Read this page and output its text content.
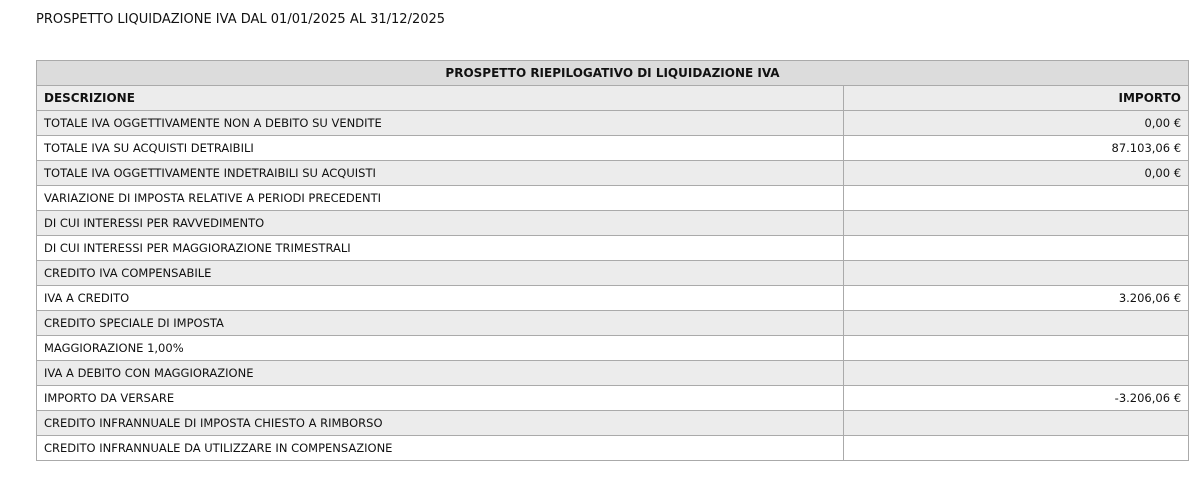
PROSPETTO LIQUIDAZIONE IVA DAL 01/01/2025 AL 31/12/2025
PROSPETTO RIEPILOGATIVO DI LIQUIDAZIONE IVA	
DESCRIZIONE	IMPORTO
TOTALE IVA OGGETTIVAMENTE NON A DEBITO SU VENDITE	0,00 €
TOTALE IVA SU ACQUISTI DETRAIBILI	87.103,06 €
TOTALE IVA OGGETTIVAMENTE INDETRAIBILI SU ACQUISTI	0,00 €
VARIAZIONE DI IMPOSTA RELATIVE A PERIODI PRECEDENTI	
DI CUI INTERESSI PER RAVVEDIMENTO	
DI CUI INTERESSI PER MAGGIORAZIONE TRIMESTRALI	
CREDITO IVA COMPENSABILE	
IVA A CREDITO	3.206,06 €
CREDITO SPECIALE DI IMPOSTA	
MAGGIORAZIONE 1,00%	
IVA A DEBITO CON MAGGIORAZIONE	
IMPORTO DA VERSARE	-3.206,06 €
CREDITO INFRANNUALE DI IMPOSTA CHIESTO A RIMBORSO	
CREDITO INFRANNUALE DA UTILIZZARE IN COMPENSAZIONE	
